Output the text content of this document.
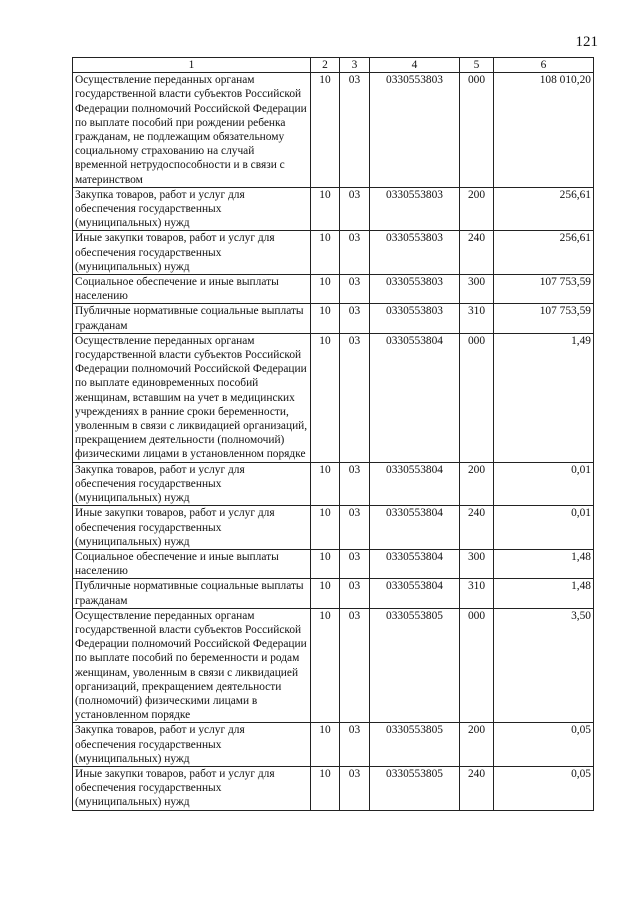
121
1	2	3	4	5	6
Осуществление переданных органам государственной власти субъектов Российской Федерации полномочий Российской Федерации по выплате пособий при рождении ребенка гражданам, не подлежащим обязательному социальному страхованию на случай временной нетрудоспособности и в связи с материнством	10	03	0330553803	000	108 010,20
Закупка товаров, работ и услуг для обеспечения государственных (муниципальных) нужд	10	03	0330553803	200	256,61
Иные закупки товаров, работ и услуг для обеспечения государственных (муниципальных) нужд	10	03	0330553803	240	256,61
Социальное обеспечение и иные выплаты населению	10	03	0330553803	300	107 753,59
Публичные нормативные социальные выплаты гражданам	10	03	0330553803	310	107 753,59
Осуществление переданных органам государственной власти субъектов Российской Федерации полномочий Российской Федерации по выплате единовременных пособий женщинам, вставшим на учет в медицинских учреждениях в ранние сроки беременности, уволенным в связи с ликвидацией организаций, прекращением деятельности (полномочий) физическими лицами в установленном порядке	10	03	0330553804	000	1,49
Закупка товаров, работ и услуг для обеспечения государственных (муниципальных) нужд	10	03	0330553804	200	0,01
Иные закупки товаров, работ и услуг для обеспечения государственных (муниципальных) нужд	10	03	0330553804	240	0,01
Социальное обеспечение и иные выплаты населению	10	03	0330553804	300	1,48
Публичные нормативные социальные выплаты гражданам	10	03	0330553804	310	1,48
Осуществление переданных органам государственной власти субъектов Российской Федерации полномочий Российской Федерации по выплате пособий по беременности и родам женщинам, уволенным в связи с ликвидацией организаций, прекращением деятельности (полномочий) физическими лицами в установленном порядке	10	03	0330553805	000	3,50
Закупка товаров, работ и услуг для обеспечения государственных (муниципальных) нужд	10	03	0330553805	200	0,05
Иные закупки товаров, работ и услуг для обеспечения государственных (муниципальных) нужд	10	03	0330553805	240	0,05
